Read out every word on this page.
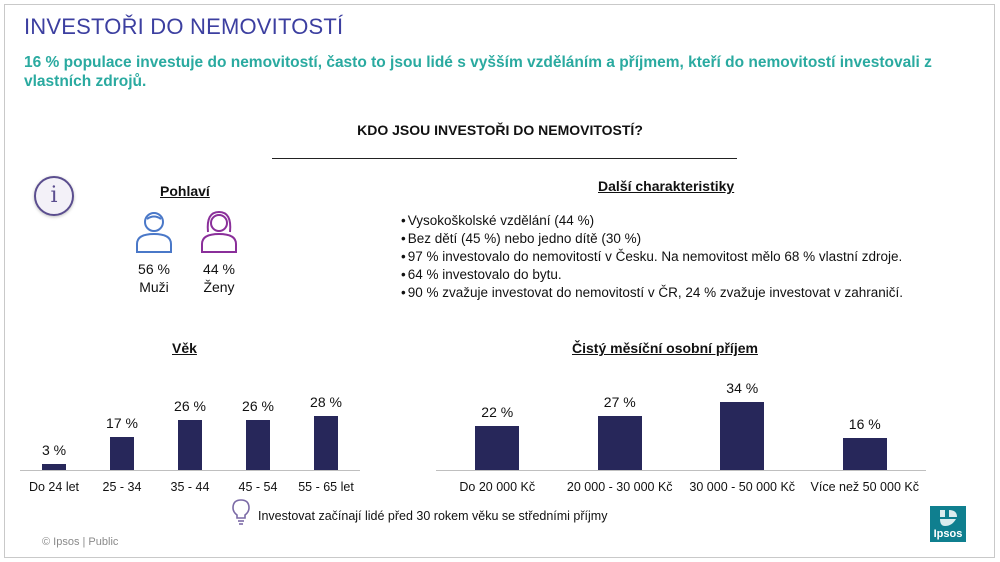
INVESTOŘI DO NEMOVITOSTÍ
16 % populace investuje do nemovitostí, často to jsou lidé s vyšším vzděláním a příjmem, kteří do nemovitostí investovali z vlastních zdrojů.
KDO JSOU INVESTOŘI DO NEMOVITOSTÍ?
i	Pohlaví
56 %
Muži
44 %
Ženy
Další charakteristiky
• Vysokoškolské vzdělání (44 %)
• Bez dětí (45 %) nebo jedno dítě (30 %)
• 97 % investovalo do nemovitostí v Česku. Na nemovitost mělo 68 % vlastní zdroje.
• 64 % investovalo do bytu.
• 90 % zvažuje investovat do nemovitostí v ČR, 24 % zvažuje investovat v zahraničí.
Věk
3 %
Do 24 let
17 %
25 - 34
26 %
35 - 44
26 %
45 - 54
28 %
55 - 65 let
Čistý měsíční osobní příjem
22 %
Do 20 000 Kč
27 %
20 000 - 30 000 Kč
34 %
30 000 - 50 000 Kč
16 %
Více než 50 000 Kč
Investovat začínají lidé před 30 rokem věku se středními příjmy
© Ipsos | Public
Ipsos
